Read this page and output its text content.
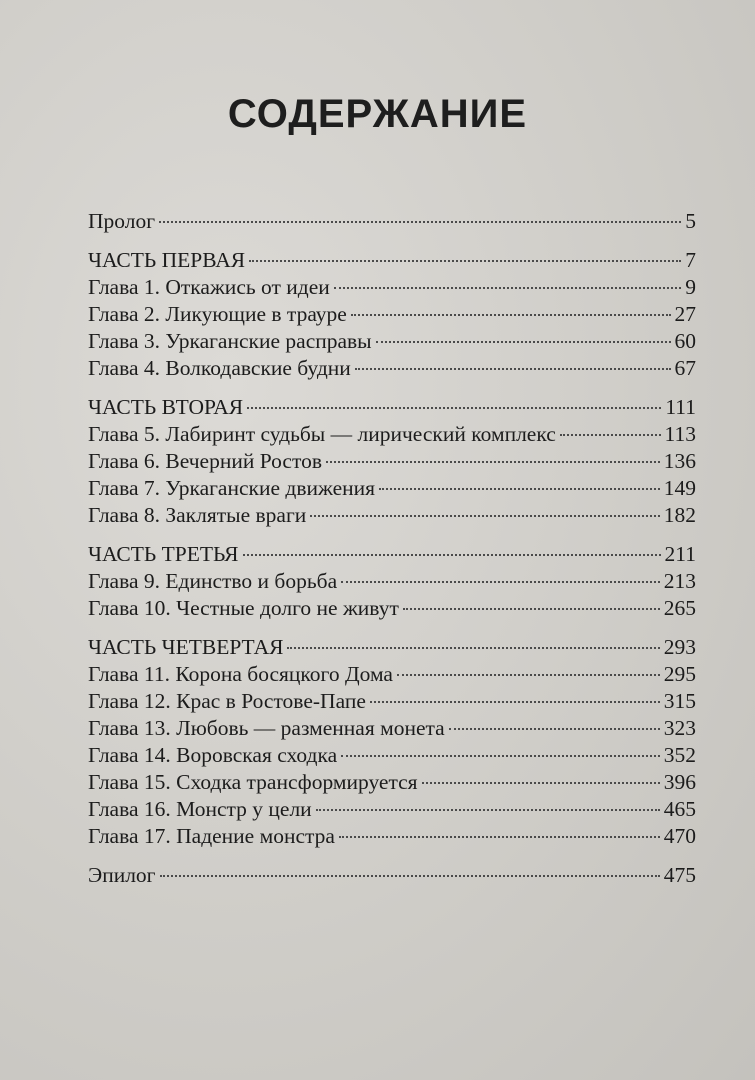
СОДЕРЖАНИЕ
Пролог	5
ЧАСТЬ ПЕРВАЯ	7
Глава 1. Откажись от идеи	9
Глава 2. Ликующие в трауре	27
Глава 3. Уркаганские расправы	60
Глава 4. Волкодавские будни	67
ЧАСТЬ ВТОРАЯ	111
Глава 5. Лабиринт судьбы — лирический комплекс	113
Глава 6. Вечерний Ростов	136
Глава 7. Уркаганские движения	149
Глава 8. Заклятые враги	182
ЧАСТЬ ТРЕТЬЯ	211
Глава 9. Единство и борьба	213
Глава 10. Честные долго не живут	265
ЧАСТЬ ЧЕТВЕРТАЯ	293
Глава 11. Корона босяцкого Дома	295
Глава 12. Крас в Ростове-Папе	315
Глава 13. Любовь — разменная монета	323
Глава 14. Воровская сходка	352
Глава 15. Сходка трансформируется	396
Глава 16. Монстр у цели	465
Глава 17. Падение монстра	470
Эпилог	475
